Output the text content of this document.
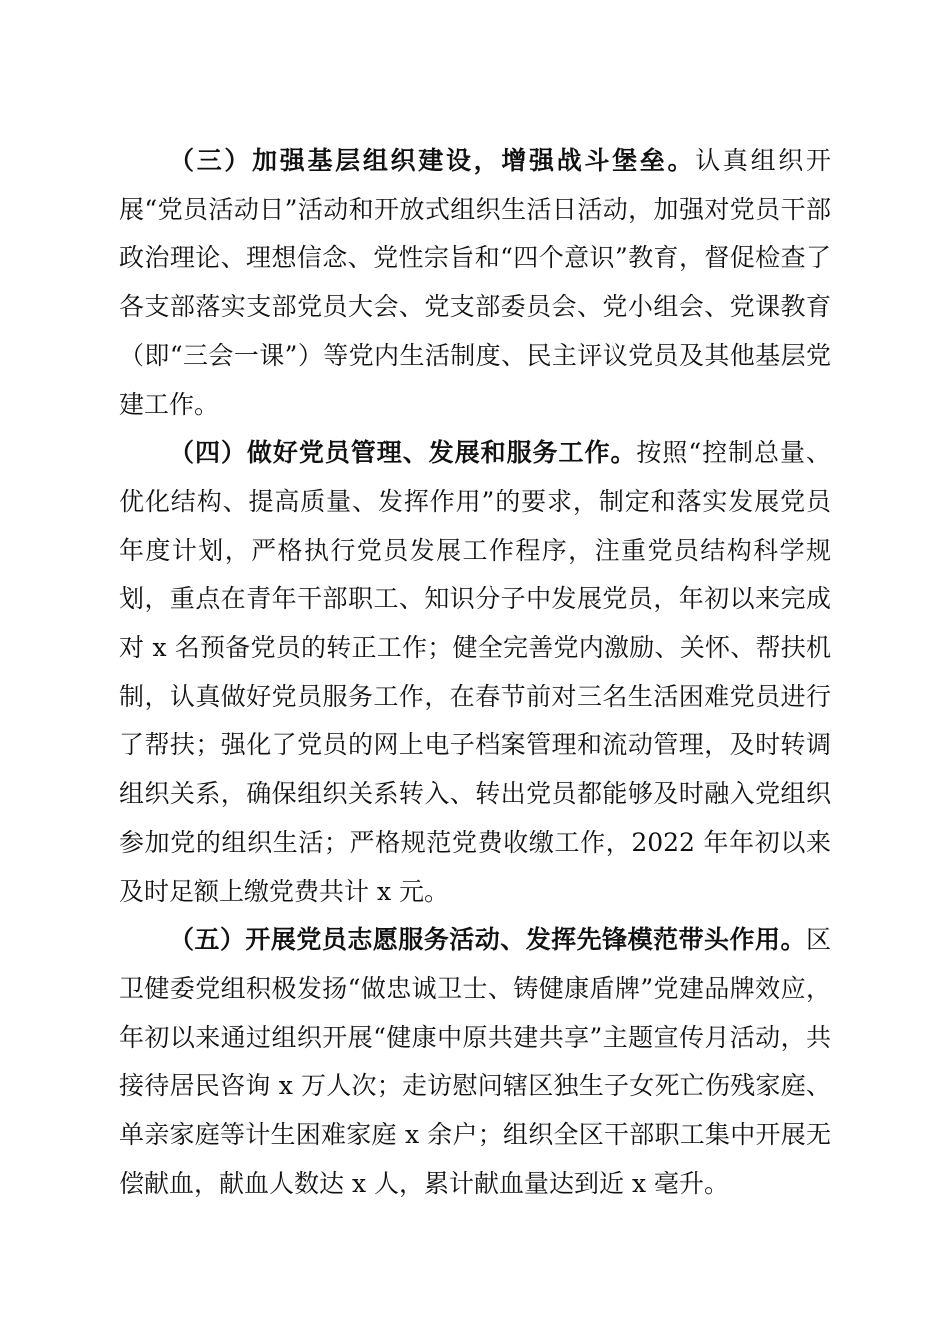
（三）加强基层组织建设，增强战斗堡垒。认真组织开展“党员活动日”活动和开放式组织生活日活动，加强对党员干部政治理论、理想信念、党性宗旨和“四个意识”教育，督促检查了各支部落实支部党员大会、党支部委员会、党小组会、党课教育（即“三会一课”）等党内生活制度、民主评议党员及其他基层党建工作。

（四）做好党员管理、发展和服务工作。按照“控制总量、优化结构、提高质量、发挥作用”的要求，制定和落实发展党员年度计划，严格执行党员发展工作程序，注重党员结构科学规划，重点在青年干部职工、知识分子中发展党员，年初以来完成对 x 名预备党员的转正工作；健全完善党内激励、关怀、帮扶机制，认真做好党员服务工作，在春节前对三名生活困难党员进行了帮扶；强化了党员的网上电子档案管理和流动管理，及时转调组织关系，确保组织关系转入、转出党员都能够及时融入党组织参加党的组织生活；严格规范党费收缴工作，2022 年年初以来及时足额上缴党费共计 x 元。

（五）开展党员志愿服务活动、发挥先锋模范带头作用。区卫健委党组积极发扬“做忠诚卫士、铸健康盾牌”党建品牌效应，年初以来通过组织开展“健康中原共建共享”主题宣传月活动，共接待居民咨询 x 万人次；走访慰问辖区独生子女死亡伤残家庭、单亲家庭等计生困难家庭 x 余户；组织全区干部职工集中开展无偿献血，献血人数达 x 人，累计献血量达到近 x 毫升。
